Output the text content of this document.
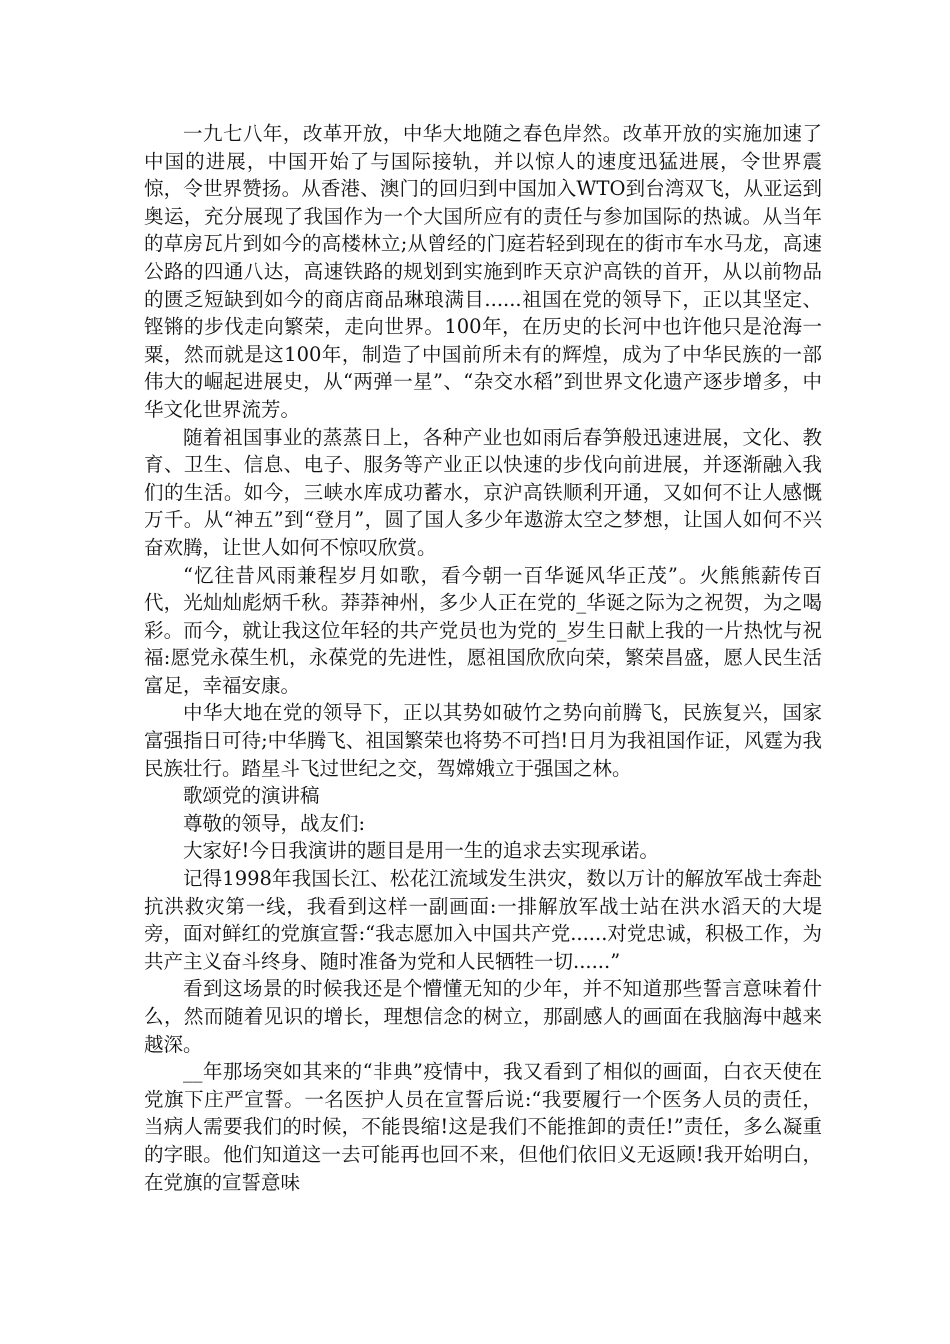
一九七八年，改革开放，中华大地随之春色岸然。改革开放的实施加速了中国的进展，中国开始了与国际接轨，并以惊人的速度迅猛进展，令世界震惊，令世界赞扬。从香港、澳门的回归到中国加入WTO到台湾双飞，从亚运到奥运，充分展现了我国作为一个大国所应有的责任与参加国际的热诚。从当年的草房瓦片到如今的高楼林立;从曾经的门庭若轻到现在的街市车水马龙，高速公路的四通八达，高速铁路的规划到实施到昨天京沪高铁的首开，从以前物品的匮乏短缺到如今的商店商品琳琅满目......祖国在党的领导下，正以其坚定、铿锵的步伐走向繁荣，走向世界。100年，在历史的长河中也许他只是沧海一粟，然而就是这100年，制造了中国前所未有的辉煌，成为了中华民族的一部伟大的崛起进展史，从“两弹一星”、“杂交水稻”到世界文化遗产逐步增多，中华文化世界流芳。

随着祖国事业的蒸蒸日上，各种产业也如雨后春笋般迅速进展，文化、教育、卫生、信息、电子、服务等产业正以快速的步伐向前进展，并逐渐融入我们的生活。如今，三峡水库成功蓄水，京沪高铁顺利开通，又如何不让人感慨万千。从“神五”到“登月”，圆了国人多少年遨游太空之梦想，让国人如何不兴奋欢腾，让世人如何不惊叹欣赏。

“忆往昔风雨兼程岁月如歌，看今朝一百华诞风华正茂”。火熊熊薪传百代，光灿灿彪炳千秋。莽莽神州，多少人正在党的_华诞之际为之祝贺，为之喝彩。而今，就让我这位年轻的共产党员也为党的_岁生日献上我的一片热忱与祝福:愿党永葆生机，永葆党的先进性，愿祖国欣欣向荣，繁荣昌盛，愿人民生活富足，幸福安康。

中华大地在党的领导下，正以其势如破竹之势向前腾飞，民族复兴，国家富强指日可待;中华腾飞、祖国繁荣也将势不可挡!日月为我祖国作证，风霆为我民族壮行。踏星斗飞过世纪之交，驾嫦娥立于强国之林。

歌颂党的演讲稿

尊敬的领导，战友们:

大家好!今日我演讲的题目是用一生的追求去实现承诺。

记得1998年我国长江、松花江流域发生洪灾，数以万计的解放军战士奔赴抗洪救灾第一线，我看到这样一副画面:一排解放军战士站在洪水滔天的大堤旁，面对鲜红的党旗宣誓:“我志愿加入中国共产党......对党忠诚，积极工作，为共产主义奋斗终身、随时准备为党和人民牺牲一切......”

看到这场景的时候我还是个懵懂无知的少年，并不知道那些誓言意味着什么，然而随着见识的增长，理想信念的树立，那副感人的画面在我脑海中越来越深。

__年那场突如其来的“非典”疫情中，我又看到了相似的画面，白衣天使在党旗下庄严宣誓。一名医护人员在宣誓后说:“我要履行一个医务人员的责任，当病人需要我们的时候，不能畏缩!这是我们不能推卸的责任!”责任，多么凝重的字眼。他们知道这一去可能再也回不来，但他们依旧义无返顾!我开始明白，在党旗的宣誓意味
